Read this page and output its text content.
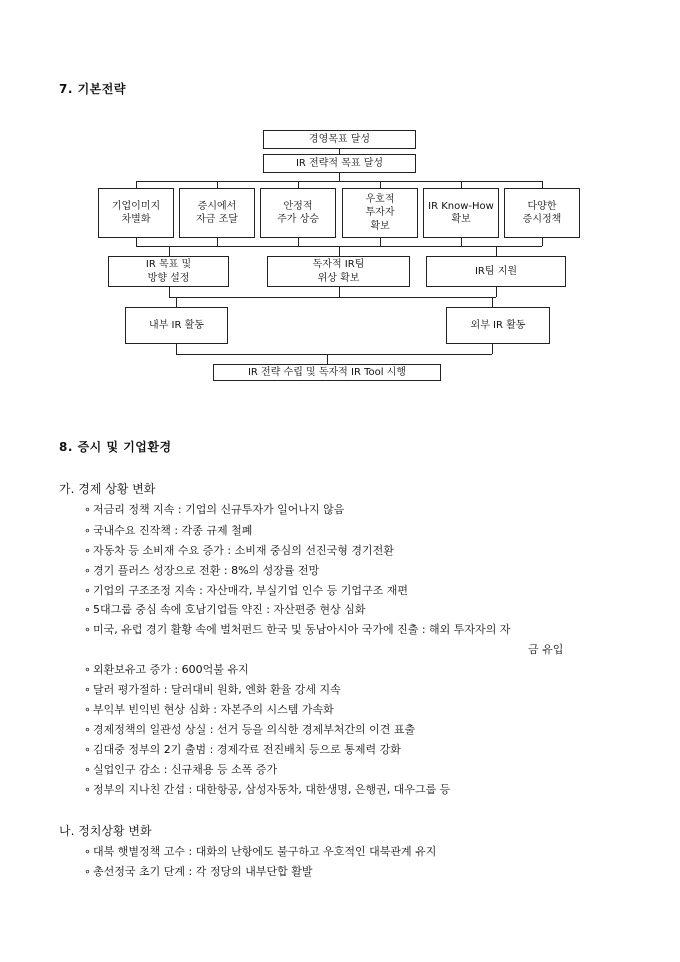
7. 기본전략
경영목표 달성
IR 전략적 목표 달성
기업이미지
차별화
증시에서
자금 조달
안정적
주가 상승
우호적
투자자
확보
IR Know-How
확보
다양한
증시정책
IR 목표 및
방향 설정
독자적 IR팀
위상 확보
IR팀 지원
내부 IR 활동	외부 IR 활동
IR 전략 수립 및 독자적 IR Tool 시행
8. 증시 및 기업환경
가. 경제 상황 변화
∘ 저금리 정책 지속 : 기업의 신규투자가 일어나지 않음
∘ 국내수요 진작책 : 각종 규제 철폐
∘ 자동차 등 소비재 수요 증가 : 소비재 중심의 선진국형 경기전환
∘ 경기 플러스 성장으로 전환 : 8%의 성장률 전망
∘ 기업의 구조조정 지속 : 자산매각, 부실기업 인수 등 기업구조 재편
∘ 5대그룹 중심 속에 호남기업들 약진 : 자산편중 현상 심화
∘ 미국, 유럽 경기 활황 속에 벌처펀드 한국 및 동남아시아 국가에 진출 : 해외 투자자의 자
금 유입
∘ 외환보유고 증가 : 600억불 유지
∘ 달러 평가절하 : 달러대비 원화, 엔화 환율 강세 지속
∘ 부익부 빈익빈 현상 심화 : 자본주의 시스템 가속화
∘ 경제정책의 일관성 상실 : 선거 등을 의식한 경제부처간의 이견 표출
∘ 김대중 정부의 2기 출범 : 경제각료 전진배치 등으로 통제력 강화
∘ 실업인구 감소 : 신규채용 등 소폭 증가
∘ 정부의 지나친 간섭 : 대한항공, 삼성자동차, 대한생명, 은행권, 대우그룹 등
나. 정치상황 변화
∘ 대북 햇볕정책 고수 : 대화의 난항에도 불구하고 우호적인 대북관계 유지
∘ 총선정국 초기 단계 : 각 정당의 내부단합 활발
